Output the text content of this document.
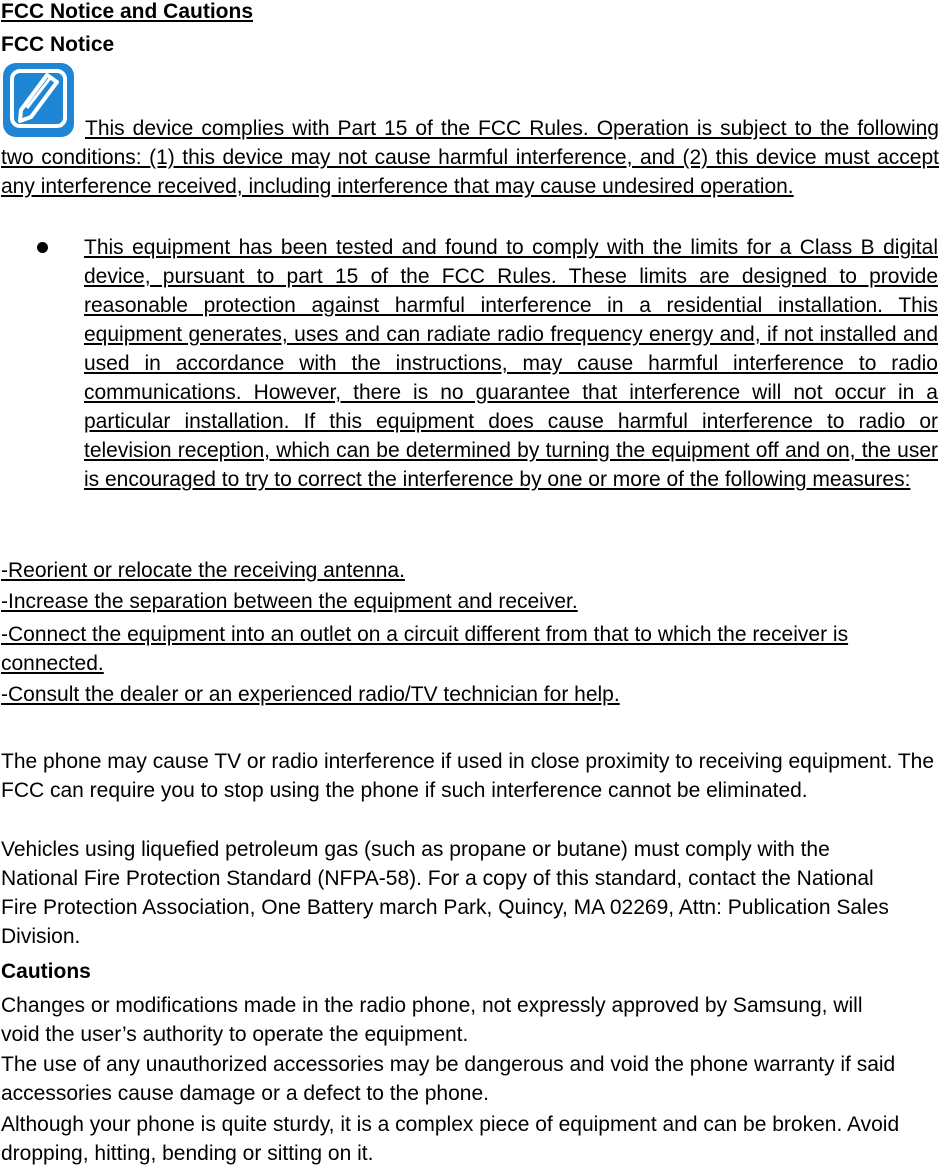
FCC Notice and Cautions
FCC Notice
This device complies with Part 15 of the FCC Rules. Operation is subject to the following two conditions: (1) this device may not cause harmful interference, and (2) this device must accept any interference received, including interference that may cause undesired operation.
This equipment has been tested and found to comply with the limits for a Class B digital device, pursuant to part 15 of the FCC Rules. These limits are designed to provide reasonable protection against harmful interference in a residential installation. This equipment generates, uses and can radiate radio frequency energy and, if not installed and used in accordance with the instructions, may cause harmful interference to radio communications. However, there is no guarantee that interference will not occur in a particular installation. If this equipment does cause harmful interference to radio or television reception, which can be determined by turning the equipment off and on, the user is encouraged to try to correct the interference by one or more of the following measures:
-Reorient or relocate the receiving antenna.
-Increase the separation between the equipment and receiver.
-Connect the equipment into an outlet on a circuit different from that to which the receiver is connected.
-Consult the dealer or an experienced radio/TV technician for help.
The phone may cause TV or radio interference if used in close proximity to receiving equipment. The FCC can require you to stop using the phone if such interference cannot be eliminated.
Vehicles using liquefied petroleum gas (such as propane or butane) must comply with the National Fire Protection Standard (NFPA-58). For a copy of this standard, contact the National Fire Protection Association, One Battery march Park, Quincy, MA 02269, Attn: Publication Sales Division.
Cautions
Changes or modifications made in the radio phone, not expressly approved by Samsung, will void the user’s authority to operate the equipment.
The use of any unauthorized accessories may be dangerous and void the phone warranty if said accessories cause damage or a defect to the phone.
Although your phone is quite sturdy, it is a complex piece of equipment and can be broken. Avoid dropping, hitting, bending or sitting on it.
